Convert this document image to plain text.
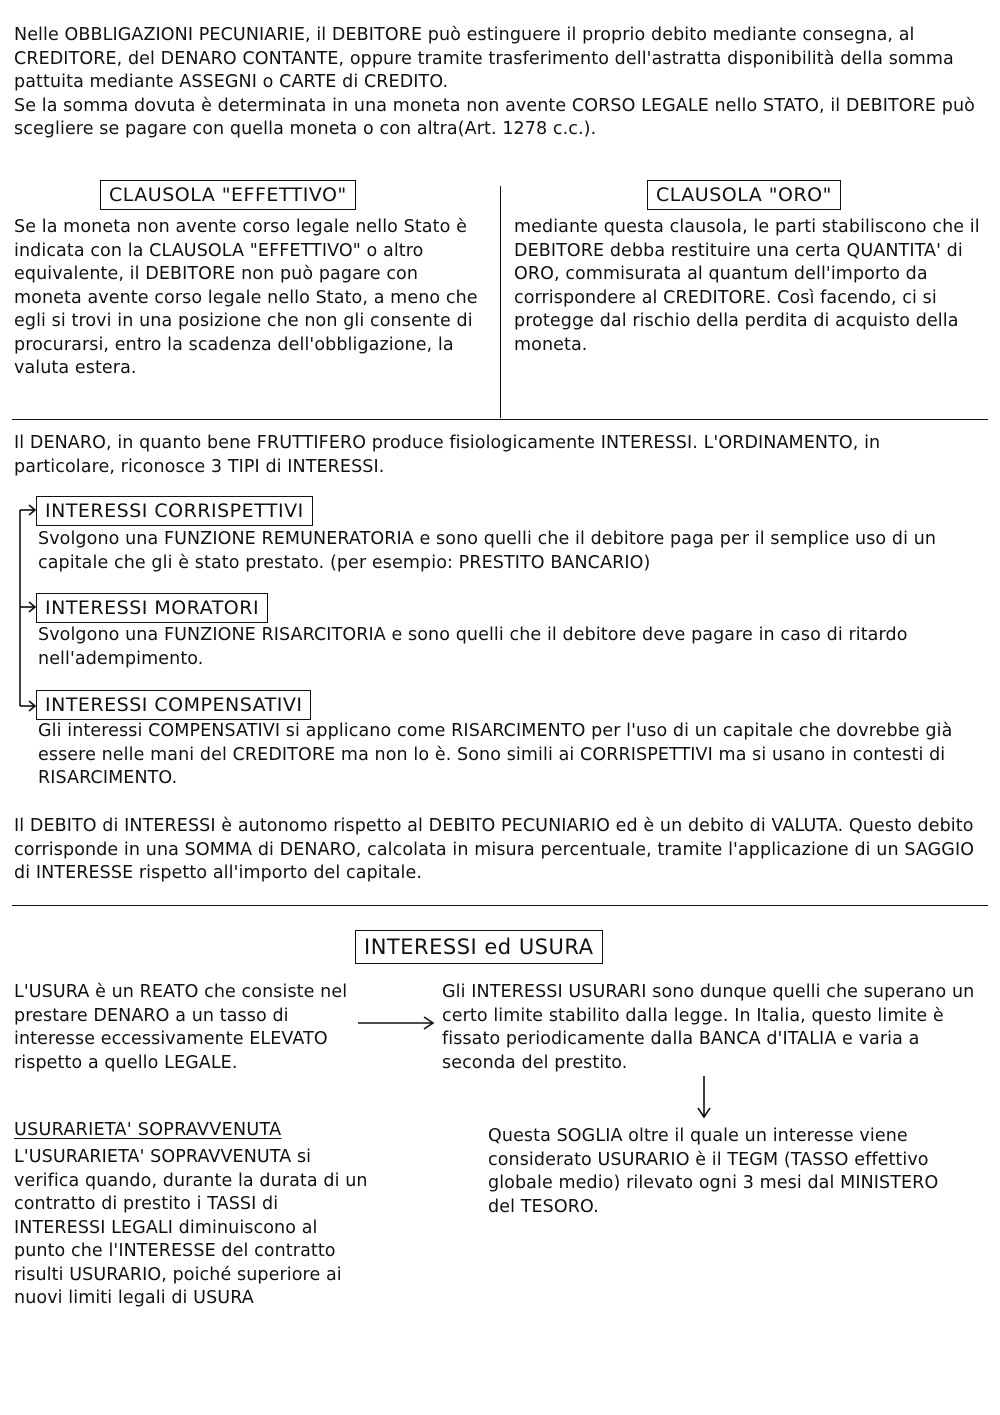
Nelle OBBLIGAZIONI PECUNIARIE, il DEBITORE può estinguere il proprio debito mediante consegna, al CREDITORE, del DENARO CONTANTE, oppure tramite trasferimento dell'astratta disponibilità della somma pattuita mediante ASSEGNI o CARTE di CREDITO.

Se la somma dovuta è determinata in una moneta non avente CORSO LEGALE nello STATO, il DEBITORE può scegliere se pagare con quella moneta o con altra(Art. 1278 c.c.).

CLAUSOLA "EFFETTIVO"
Se la moneta non avente corso legale nello Stato è indicata con la CLAUSOLA "EFFETTIVO" o altro equivalente, il DEBITORE non può pagare con moneta avente corso legale nello Stato, a meno che egli si trovi in una posizione che non gli consente di procurarsi, entro la scadenza dell'obbligazione, la valuta estera.
CLAUSOLA "ORO"
mediante questa clausola, le parti stabiliscono che il DEBITORE debba restituire una certa QUANTITA' di ORO, commisurata al quantum dell'importo da corrispondere al CREDITORE. Così facendo, ci si protegge dal rischio della perdita di acquisto della moneta.
Il DENARO, in quanto bene FRUTTIFERO produce fisiologicamente INTERESSI. L'ORDINAMENTO, in particolare, riconosce 3 TIPI di INTERESSI.
INTERESSI CORRISPETTIVI
Svolgono una FUNZIONE REMUNERATORIA e sono quelli che il debitore paga per il semplice uso di un capitale che gli è stato prestato. (per esempio: PRESTITO BANCARIO)
INTERESSI MORATORI
Svolgono una FUNZIONE RISARCITORIA e sono quelli che il debitore deve pagare in caso di ritardo nell'adempimento.
INTERESSI COMPENSATIVI
Gli interessi COMPENSATIVI si applicano come RISARCIMENTO per l'uso di un capitale che dovrebbe già essere nelle mani del CREDITORE ma non lo è. Sono simili ai CORRISPETTIVI ma si usano in contesti di RISARCIMENTO.
Il DEBITO di INTERESSI è autonomo rispetto al DEBITO PECUNIARIO ed è un debito di VALUTA. Questo debito corrisponde in una SOMMA di DENARO, calcolata in misura percentuale, tramite l'applicazione di un SAGGIO di INTERESSE rispetto all'importo del capitale.
INTERESSI ed USURA
L'USURA è un REATO che consiste nel prestare DENARO a un tasso di interesse eccessivamente ELEVATO rispetto a quello LEGALE.
Gli INTERESSI USURARI sono dunque quelli che superano un certo limite stabilito dalla legge. In Italia, questo limite è fissato periodicamente dalla BANCA d'ITALIA e varia a seconda del prestito.
Questa SOGLIA oltre il quale un interesse viene considerato USURARIO è il TEGM (TASSO effettivo globale medio) rilevato ogni 3 mesi dal MINISTERO del TESORO.
USURARIETA' SOPRAVVENUTA
L'USURARIETA' SOPRAVVENUTA si verifica quando, durante la durata di un contratto di prestito i TASSI di INTERESSI LEGALI diminuiscono al punto che l'INTERESSE del contratto risulti USURARIO, poiché superiore ai nuovi limiti legali di USURA
